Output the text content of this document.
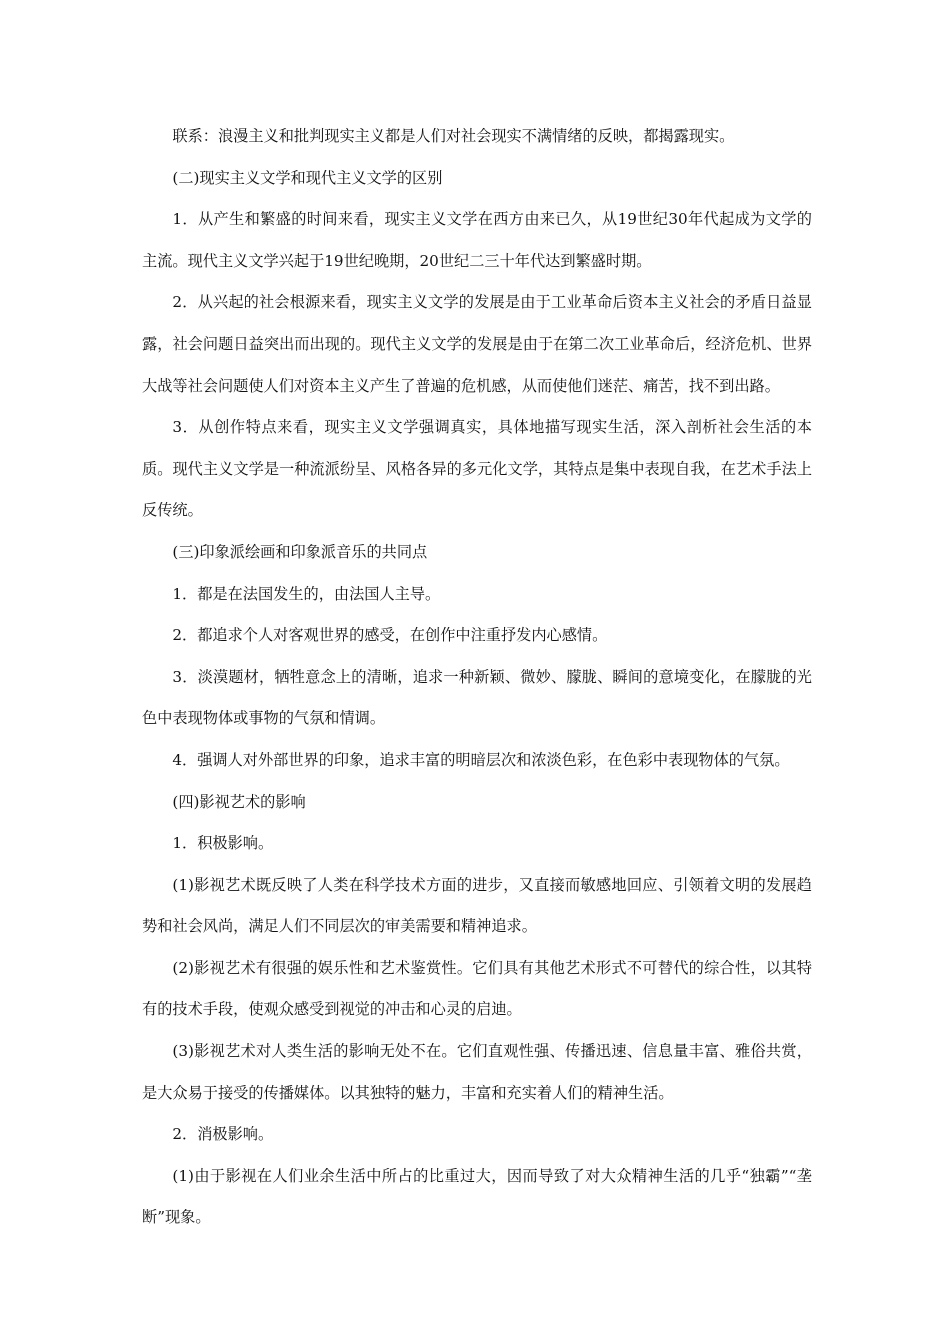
联系：浪漫主义和批判现实主义都是人们对社会现实不满情绪的反映，都揭露现实。

(二)现实主义文学和现代主义文学的区别

1．从产生和繁盛的时间来看，现实主义文学在西方由来已久，从19世纪30年代起成为文学的主流。现代主义文学兴起于19世纪晚期，20世纪二三十年代达到繁盛时期。

2．从兴起的社会根源来看，现实主义文学的发展是由于工业革命后资本主义社会的矛盾日益显露，社会问题日益突出而出现的。现代主义文学的发展是由于在第二次工业革命后，经济危机、世界大战等社会问题使人们对资本主义产生了普遍的危机感，从而使他们迷茫、痛苦，找不到出路。

3．从创作特点来看，现实主义文学强调真实，具体地描写现实生活，深入剖析社会生活的本质。现代主义文学是一种流派纷呈、风格各异的多元化文学，其特点是集中表现自我，在艺术手法上反传统。

(三)印象派绘画和印象派音乐的共同点

1．都是在法国发生的，由法国人主导。

2．都追求个人对客观世界的感受，在创作中注重抒发内心感情。

3．淡漠题材，牺牲意念上的清晰，追求一种新颖、微妙、朦胧、瞬间的意境变化，在朦胧的光色中表现物体或事物的气氛和情调。

4．强调人对外部世界的印象，追求丰富的明暗层次和浓淡色彩，在色彩中表现物体的气氛。

(四)影视艺术的影响

1．积极影响。

(1)影视艺术既反映了人类在科学技术方面的进步，又直接而敏感地回应、引领着文明的发展趋势和社会风尚，满足人们不同层次的审美需要和精神追求。

(2)影视艺术有很强的娱乐性和艺术鉴赏性。它们具有其他艺术形式不可替代的综合性，以其特有的技术手段，使观众感受到视觉的冲击和心灵的启迪。

(3)影视艺术对人类生活的影响无处不在。它们直观性强、传播迅速、信息量丰富、雅俗共赏，是大众易于接受的传播媒体。以其独特的魅力，丰富和充实着人们的精神生活。

2．消极影响。

(1)由于影视在人们业余生活中所占的比重过大，因而导致了对大众精神生活的几乎“独霸”“垄断”现象。
